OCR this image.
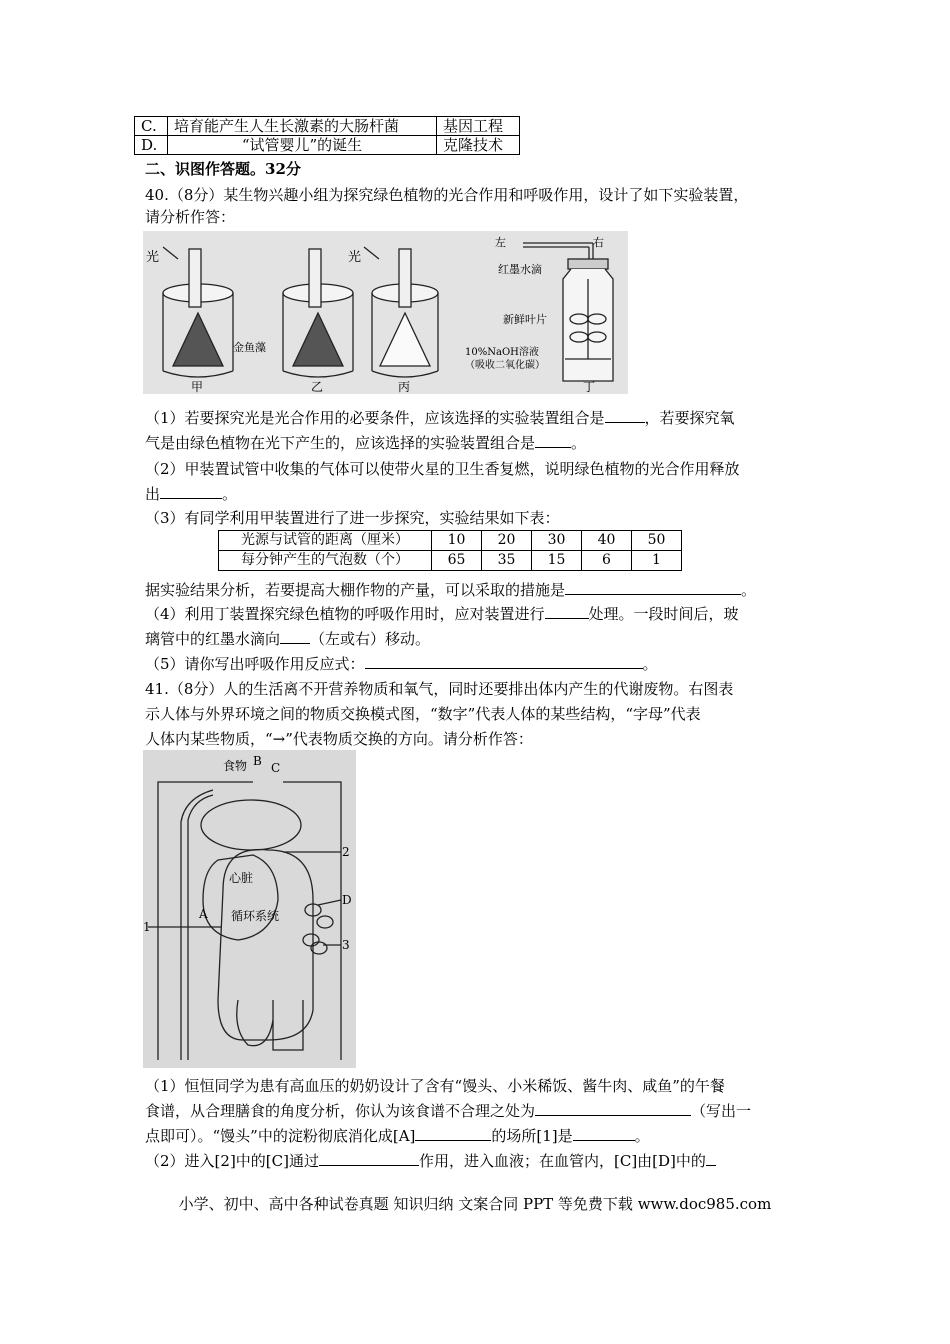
C.	培育能产生人生长激素的大肠杆菌	基因工程
D.	“试管婴儿”的诞生	克隆技术
二、识图作答题。32分
40.（8分）某生物兴趣小组为探究绿色植物的光合作用和呼吸作用，设计了如下实验装置，
请分析作答：
光	光
金鱼藻
甲	乙	丙	丁
左	右
红墨水滴
新鲜叶片
10%NaOH溶液
（吸收二氧化碳）
（1）若要探究光是光合作用的必要条件，应该选择的实验装置组合是	，若要探究氧
气是由绿色植物在光下产生的，应该选择的实验装置组合是 。
（2）甲装置试管中收集的气体可以使带火星的卫生香复燃，说明绿色植物的光合作用释放
出	。
（3）有同学利用甲装置进行了进一步探究，实验结果如下表：
光源与试管的距离（厘米）	10	20	30	40	50
每分钟产生的气泡数（个）	65	35	15	6	1
据实验结果分析，若要提高大棚作物的产量，可以采取的措施是	。
（4）利用丁装置探究绿色植物的呼吸作用时，应对装置进行	处理。一段时间后，玻
璃管中的红墨水滴向 （左或右）移动。
（5）请你写出呼吸作用反应式：	。
41.（8分）人的生活离不开营养物质和氧气，同时还要排出体内产生的代谢废物。右图表
示人体与外界环境之间的物质交换模式图，“数字”代表人体的某些结构，“字母”代表
人体内某些物质，“→”代表物质交换的方向。请分析作答：
食物 B C
心脏
循环系统
A
D
1
2
3
（1）恒恒同学为患有高血压的奶奶设计了含有“馒头、小米稀饭、酱牛肉、咸鱼”的午餐
食谱，从合理膳食的角度分析，你认为该食谱不合理之处为	（写出一
点即可）。“馒头”中的淀粉彻底消化成[A]	的场所[1]是	。
（2）进入[2]中的[C]通过	作用，进入血液；在血管内，[C]由[D]中的
小学、初中、高中各种试卷真题 知识归纳 文案合同 PPT 等免费下载 www.doc985.com
